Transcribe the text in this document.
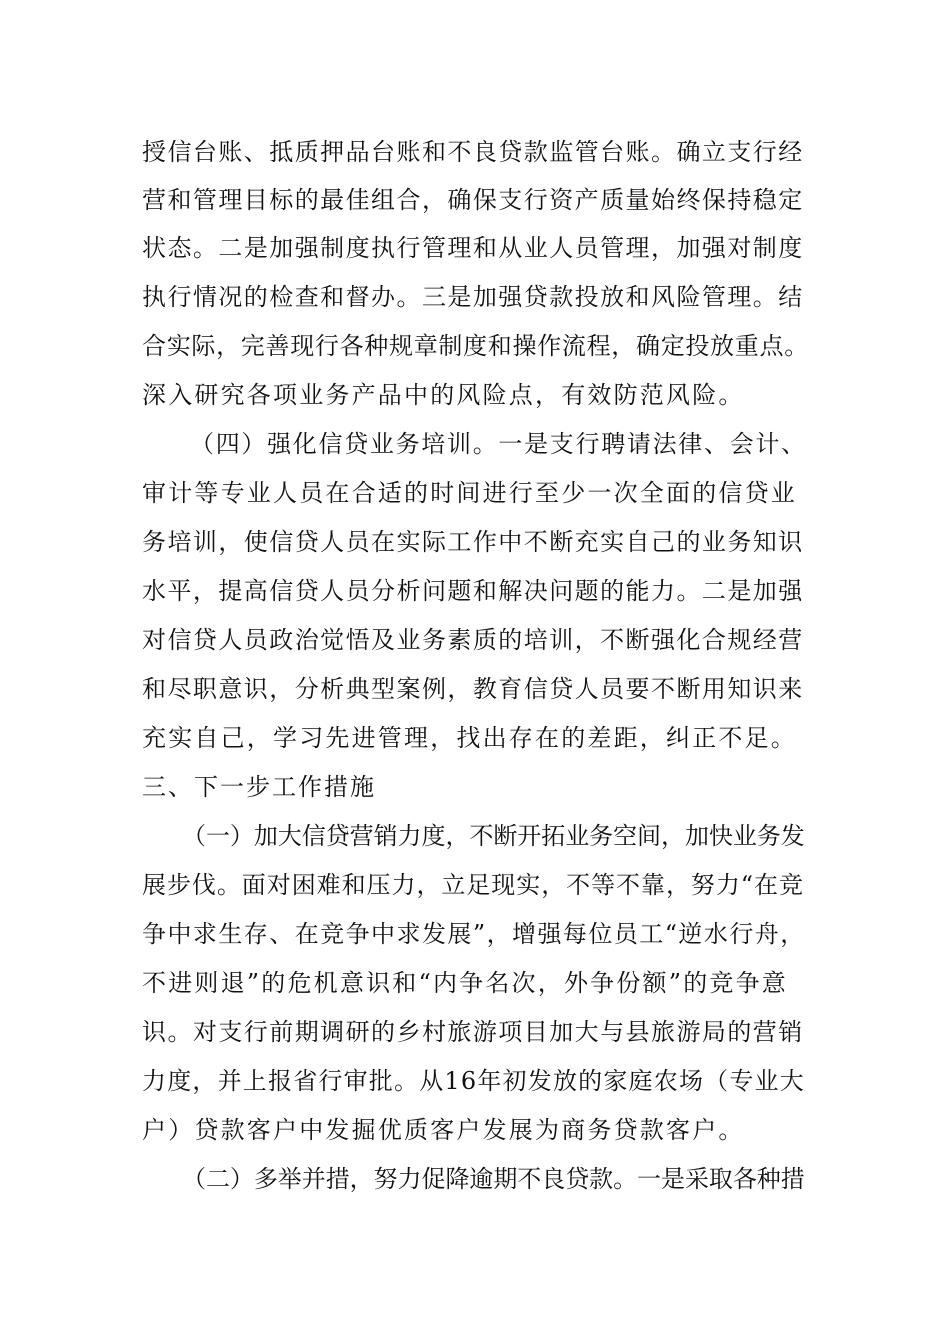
授信台账、抵质押品台账和不良贷款监管台账。确立支行经
营和管理目标的最佳组合，确保支行资产质量始终保持稳定
状态。二是加强制度执行管理和从业人员管理，加强对制度
执行情况的检查和督办。三是加强贷款投放和风险管理。结
合实际，完善现行各种规章制度和操作流程，确定投放重点。
深入研究各项业务产品中的风险点，有效防范风险。
（四）强化信贷业务培训。一是支行聘请法律、会计、
审计等专业人员在合适的时间进行至少一次全面的信贷业
务培训，使信贷人员在实际工作中不断充实自己的业务知识
水平，提高信贷人员分析问题和解决问题的能力。二是加强
对信贷人员政治觉悟及业务素质的培训，不断强化合规经营
和尽职意识，分析典型案例，教育信贷人员要不断用知识来
充实自己，学习先进管理，找出存在的差距，纠正不足。
三、下一步工作措施
（一）加大信贷营销力度，不断开拓业务空间，加快业务发
展步伐。面对困难和压力，立足现实，不等不靠，努力“在竞
争中求生存、在竞争中求发展”，增强每位员工“逆水行舟，
不进则退”的危机意识和“内争名次，外争份额”的竞争意
识。对支行前期调研的乡村旅游项目加大与县旅游局的营销
力度，并上报省行审批。从16年初发放的家庭农场（专业大
户）贷款客户中发掘优质客户发展为商务贷款客户。
（二）多举并措，努力促降逾期不良贷款。一是采取各种措
